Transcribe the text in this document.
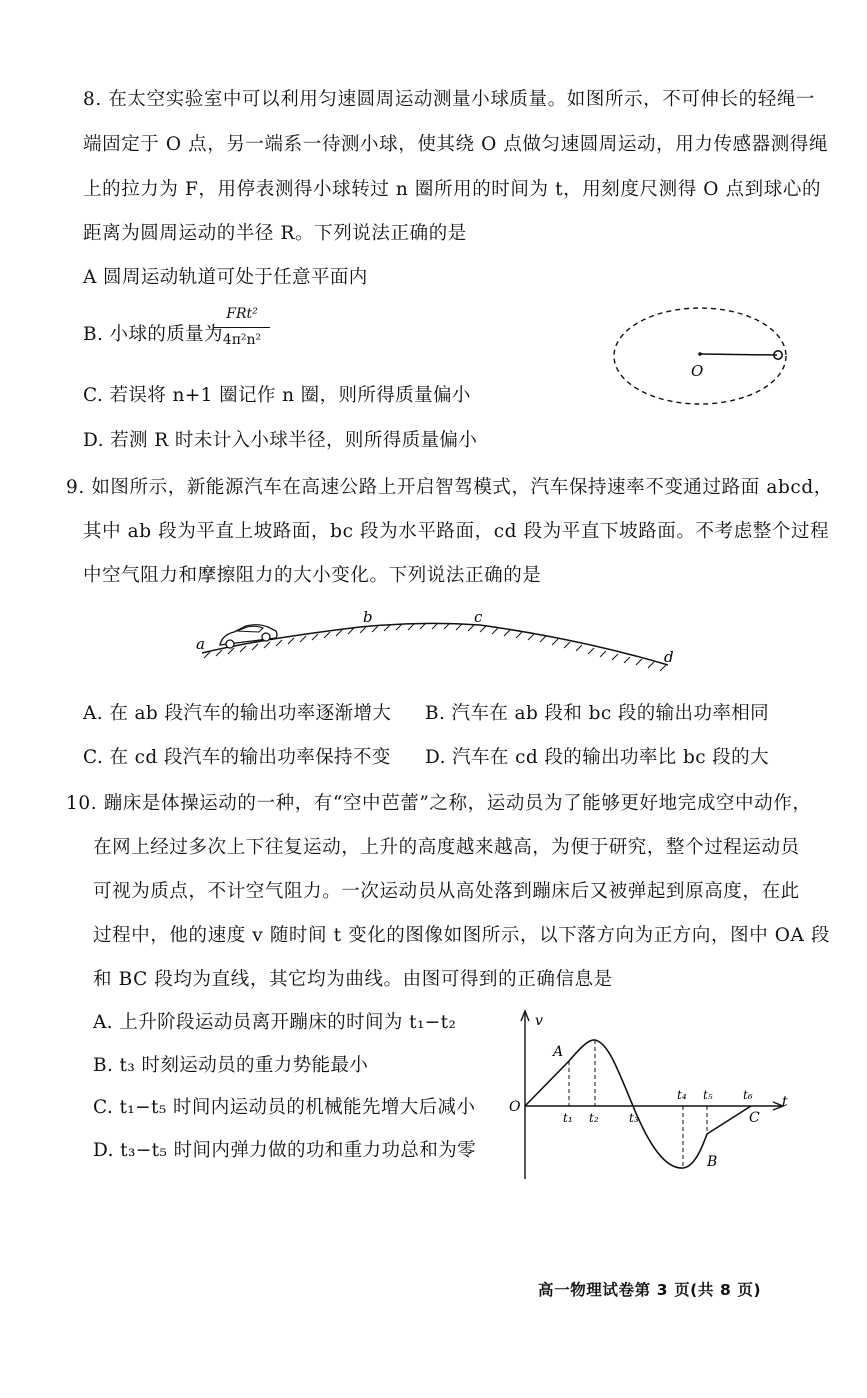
8. 在太空实验室中可以利用匀速圆周运动测量小球质量。如图所示，不可伸长的轻绳一
端固定于 O 点，另一端系一待测小球，使其绕 O 点做匀速圆周运动，用力传感器测得绳
上的拉力为 F，用停表测得小球转过 n 圈所用的时间为 t，用刻度尺测得 O 点到球心的
距离为圆周运动的半径 R。下列说法正确的是
A 圆周运动轨道可处于任意平面内
B. 小球的质量为
FRt²
4π²n²
C. 若误将 n+1 圈记作 n 圈，则所得质量偏小
D. 若测 R 时未计入小球半径，则所得质量偏小
O
9. 如图所示，新能源汽车在高速公路上开启智驾模式，汽车保持速率不变通过路面 abcd，
其中 ab 段为平直上坡路面，bc 段为水平路面，cd 段为平直下坡路面。不考虑整个过程
中空气阻力和摩擦阻力的大小变化。下列说法正确的是
a
b	c
d
A. 在 ab 段汽车的输出功率逐渐增大 B. 汽车在 ab 段和 bc 段的输出功率相同
C. 在 cd 段汽车的输出功率保持不变 D. 汽车在 cd 段的输出功率比 bc 段的大
10. 蹦床是体操运动的一种，有“空中芭蕾”之称，运动员为了能够更好地完成空中动作，
在网上经过多次上下往复运动，上升的高度越来越高，为便于研究，整个过程运动员
可视为质点，不计空气阻力。一次运动员从高处落到蹦床后又被弹起到原高度，在此
过程中，他的速度 v 随时间 t 变化的图像如图所示，以下落方向为正方向，图中 OA 段
和 BC 段均为直线，其它均为曲线。由图可得到的正确信息是
A. 上升阶段运动员离开蹦床的时间为 t₁−t₂
B. t₃ 时刻运动员的重力势能最小
C. t₁−t₅ 时间内运动员的机械能先增大后减小
D. t₃−t₅ 时间内弹力做的功和重力功总和为零
v
t
O
A
B
C
t₁ t₂	t₃
t₄ t₅	t₆
高一物理试卷第 3 页(共 8 页)
